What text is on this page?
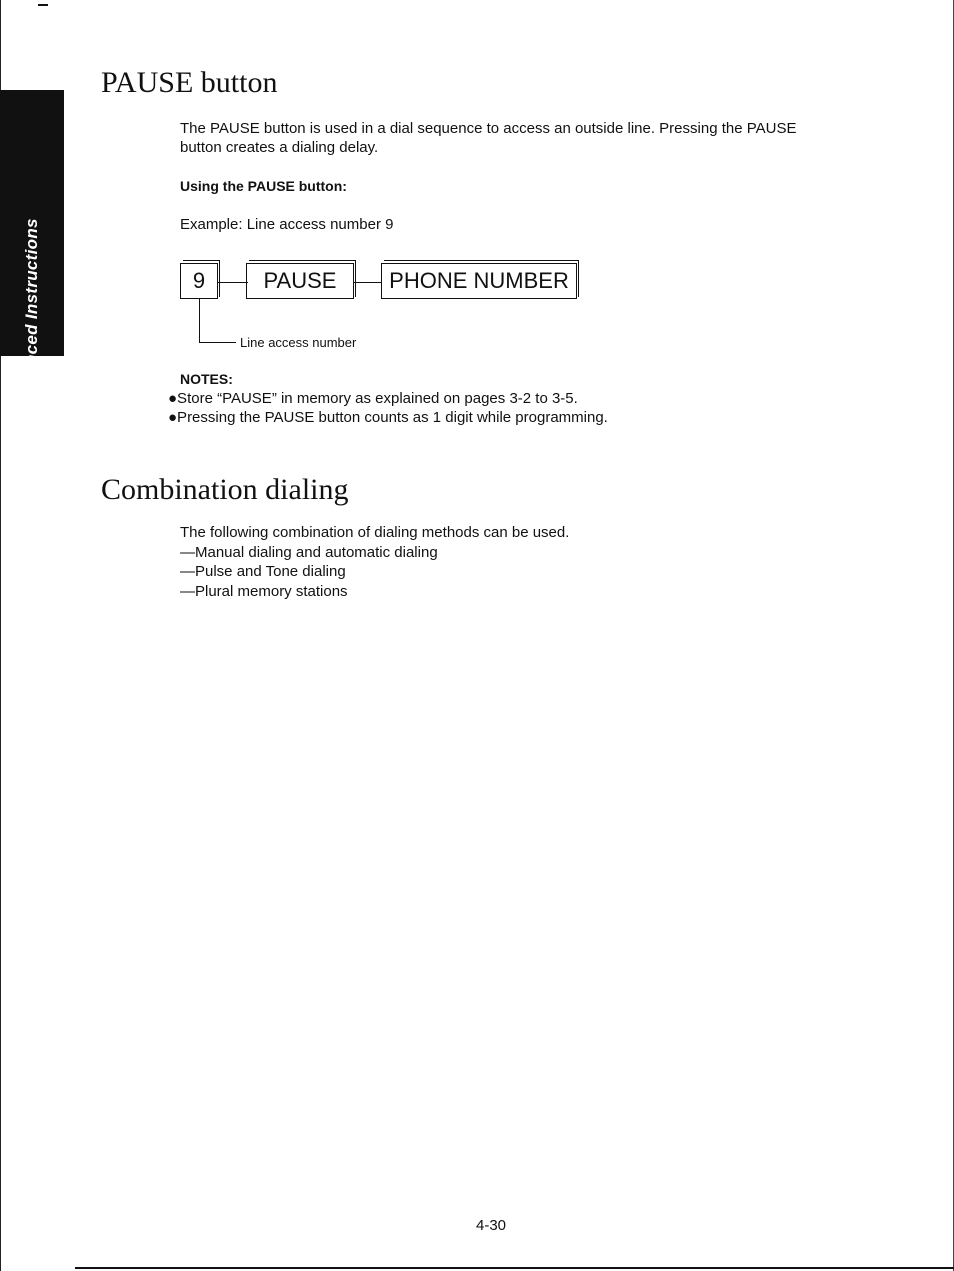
Advanced Instructions
PAUSE button

The PAUSE button is used in a dial sequence to access an outside line. Pressing the PAUSE

button creates a dialing delay.

Using the PAUSE button:

Example: Line access number 9

9	PAUSE PHONE NUMBER
Line access number

NOTES:

●Store “PAUSE” in memory as explained on pages 3-2 to 3-5.

●Pressing the PAUSE button counts as 1 digit while programming.

Combination dialing

The following combination of dialing methods can be used.

—Manual dialing and automatic dialing

—Pulse and Tone dialing

—Plural memory stations

4-30
